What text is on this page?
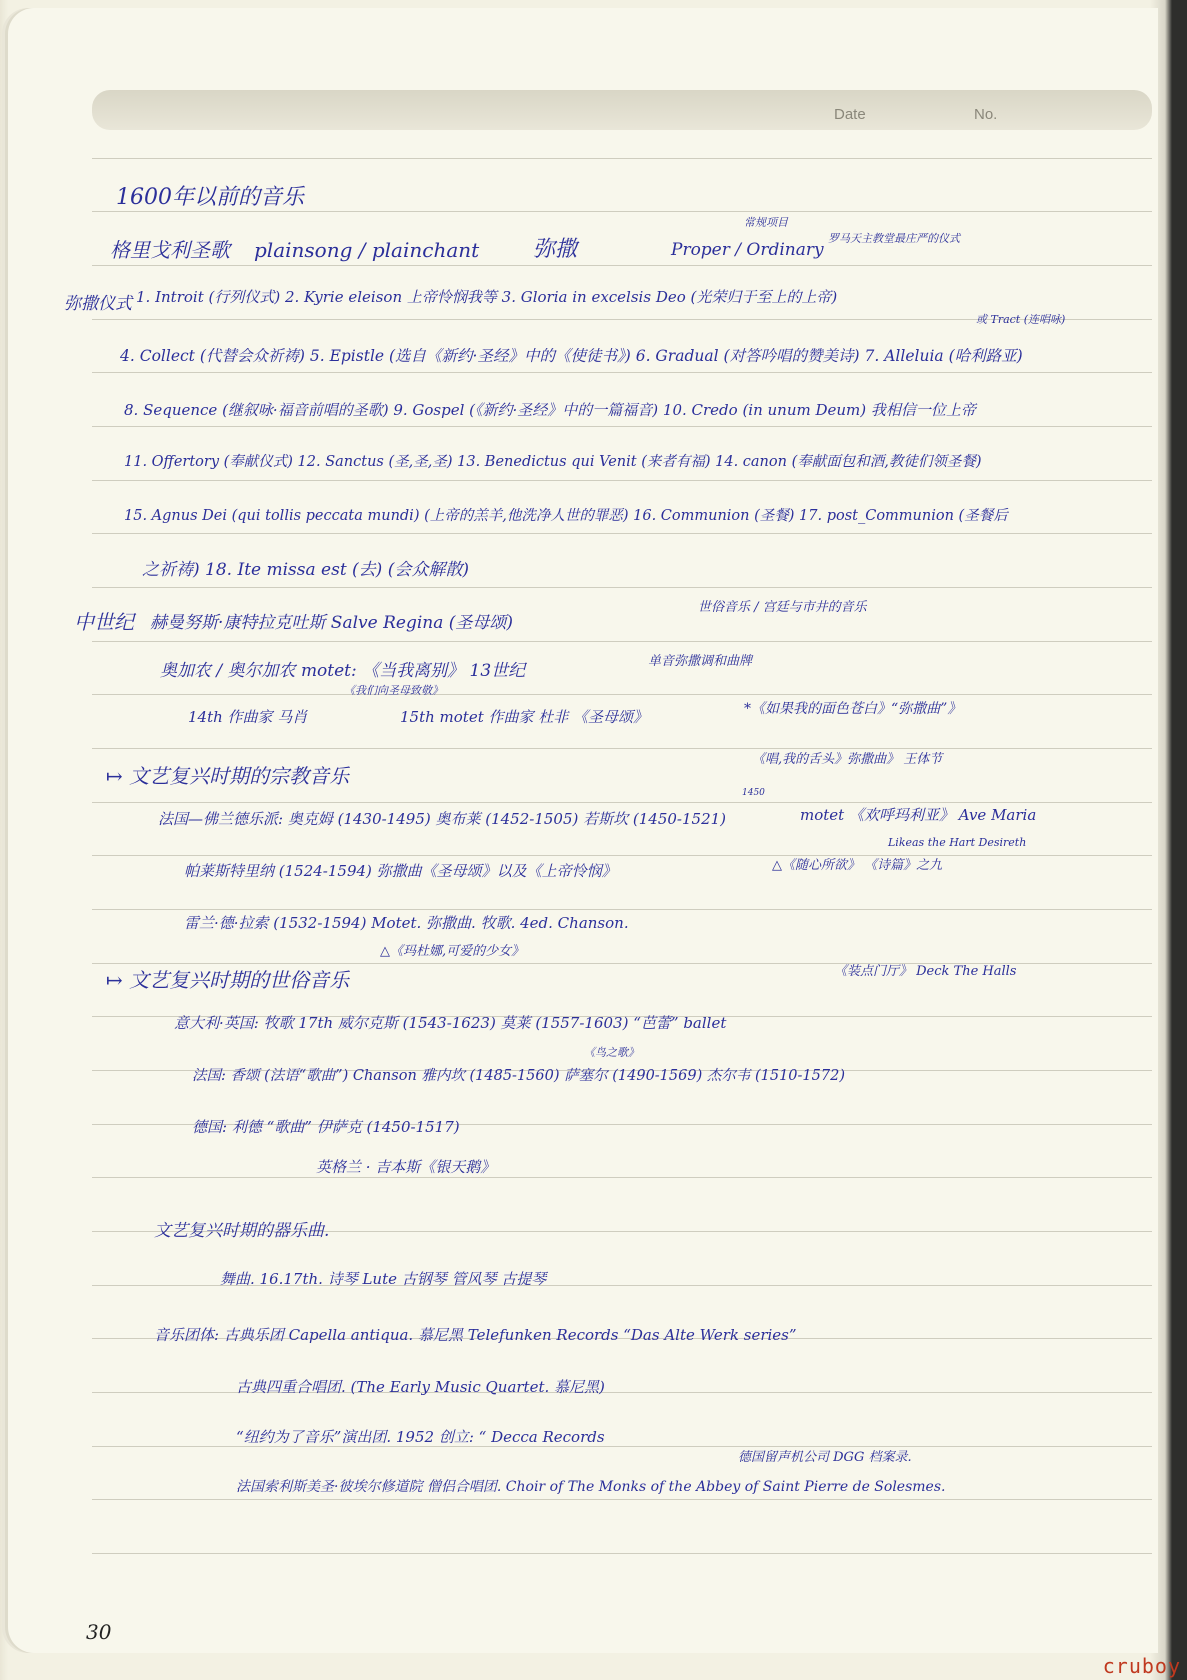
Date	No.
1600年以前的音乐
格里戈利圣歌 plainsong / plainchant 弥撒	Proper / Ordinary
常规项目
罗马天主教堂最庄严的仪式
弥撒仪式 1. Introit (行列仪式) 2. Kyrie eleison 上帝怜悯我等 3. Gloria in excelsis Deo (光荣归于至上的上帝)
或 Tract (连唱咏)
4. Collect (代替会众祈祷) 5. Epistle (选自《新约·圣经》中的《使徒书》) 6. Gradual (对答吟唱的赞美诗) 7. Alleluia (哈利路亚)
8. Sequence (继叙咏·福音前唱的圣歌) 9. Gospel (《新约·圣经》中的一篇福音) 10. Credo (in unum Deum) 我相信一位上帝
11. Offertory (奉献仪式) 12. Sanctus (圣,圣,圣) 13. Benedictus qui Venit (来者有福) 14. canon (奉献面包和酒,教徒们领圣餐)
15. Agnus Dei (qui tollis peccata mundi) (上帝的羔羊,他洗净人世的罪恶) 16. Communion (圣餐) 17. post_Communion (圣餐后
之祈祷) 18. Ite missa est (去) (会众解散)
中世纪 赫曼努斯·康特拉克吐斯 Salve Regina (圣母颂)
世俗音乐 / 宫廷与市井的音乐
奥加农 / 奥尔加农 motet: 《当我离别》 13世纪	单音弥撒调和曲牌
《我们向圣母致敬》
14th 作曲家 马肖	15th motet 作曲家 杜非 《圣母颂》	*《如果我的面色苍白》“弥撒曲”》
《唱,我的舌头》弥撒曲》 王体节
↦ 文艺复兴时期的宗教音乐
1450
法国—佛兰德乐派: 奥克姆 (1430-1495) 奥布莱 (1452-1505) 若斯坎 (1450-1521)	motet 《欢呼玛利亚》 Ave Maria
Likeas the Hart Desireth
帕莱斯特里纳 (1524-1594) 弥撒曲《圣母颂》以及《上帝怜悯》	△《随心所欲》 《诗篇》之九
雷兰·德·拉索 (1532-1594) Motet. 弥撒曲. 牧歌. 4ed. Chanson.
△《玛杜娜,可爱的少女》
↦ 文艺复兴时期的世俗音乐	《装点门厅》 Deck The Halls
意大利·英国: 牧歌 17th 威尔克斯 (1543-1623) 莫莱 (1557-1603) “芭蕾” ballet
《鸟之歌》
法国: 香颂 (法语“歌曲”) Chanson 雅内坎 (1485-1560) 萨塞尔 (1490-1569) 杰尔韦 (1510-1572)
德国: 利德 “歌曲” 伊萨克 (1450-1517)
英格兰 · 吉本斯《银天鹅》
文艺复兴时期的器乐曲.
舞曲. 16.17th. 诗琴 Lute 古钢琴 管风琴 古提琴
音乐团体: 古典乐团 Capella antiqua. 慕尼黑 Telefunken Records “Das Alte Werk series”
古典四重合唱团. (The Early Music Quartet. 慕尼黑)
“纽约为了音乐”演出团. 1952 创立: “ Decca Records
德国留声机公司 DGG 档案录.
法国索利斯美圣·彼埃尔修道院 僧侣合唱团. Choir of The Monks of the Abbey of Saint Pierre de Solesmes.
30
cruboy
